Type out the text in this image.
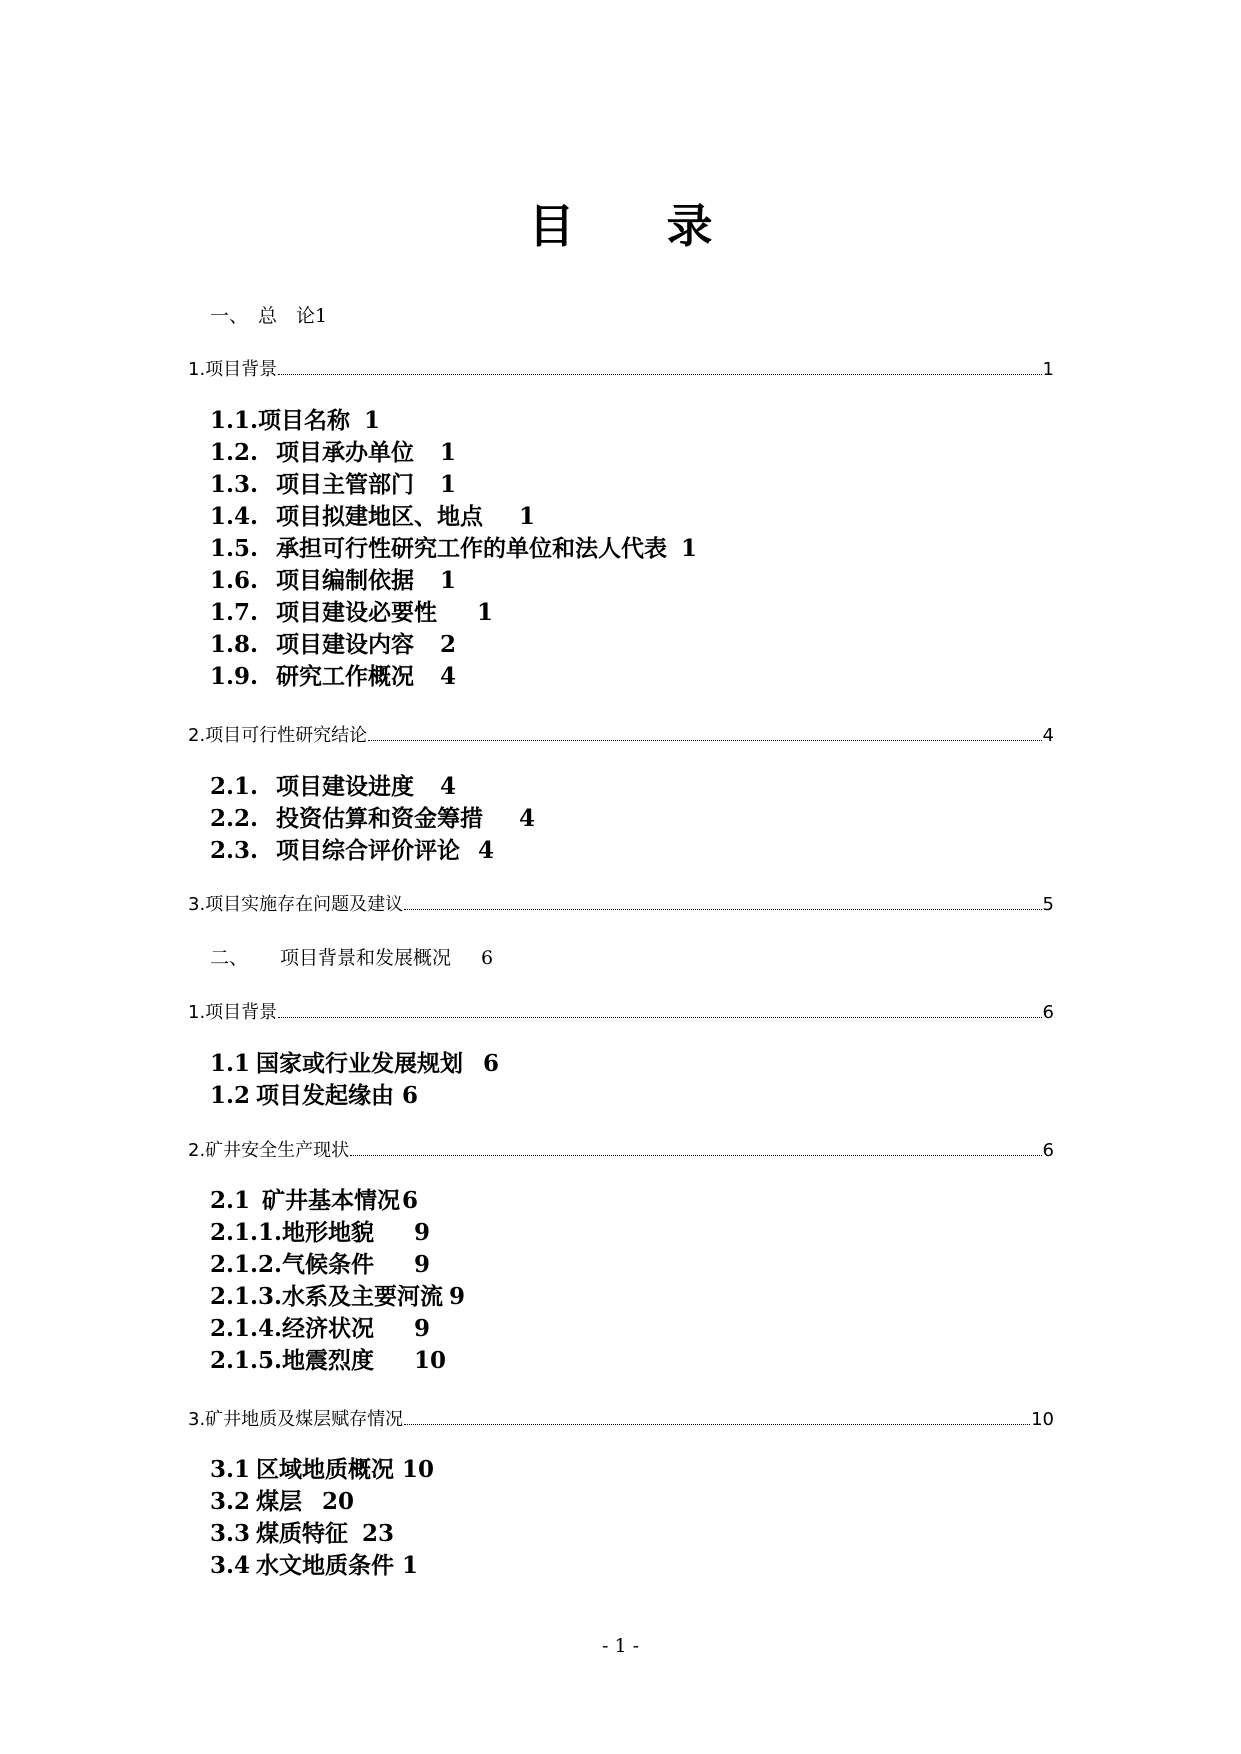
目 录
一、 总　论1
1.项目背景	1
1.1.项目名称 1
1.2. 项目承办单位 1
1.3. 项目主管部门 1
1.4. 项目拟建地区、地点 1
1.5. 承担可行性研究工作的单位和法人代表 1
1.6. 项目编制依据 1
1.7. 项目建设必要性 1
1.8. 项目建设内容 2
1.9. 研究工作概况 4
2.项目可行性研究结论	4
2.1. 项目建设进度 4
2.2. 投资估算和资金筹措 4
2.3. 项目综合评价评论 4
3.项目实施存在问题及建议	5
二、 项目背景和发展概况 6
1.项目背景	6
1.1 国家或行业发展规划 6
1.2 项目发起缘由 6
2.矿井安全生产现状	6
2.1 矿井基本情况6
2.1.1.地形地貌 9
2.1.2.气候条件 9
2.1.3.水系及主要河流 9
2.1.4.经济状况 9
2.1.5.地震烈度 10
3.矿井地质及煤层赋存情况	10
3.1 区域地质概况 10
3.2 煤层 20
3.3 煤质特征 23
3.4 水文地质条件 1
- 1 -
